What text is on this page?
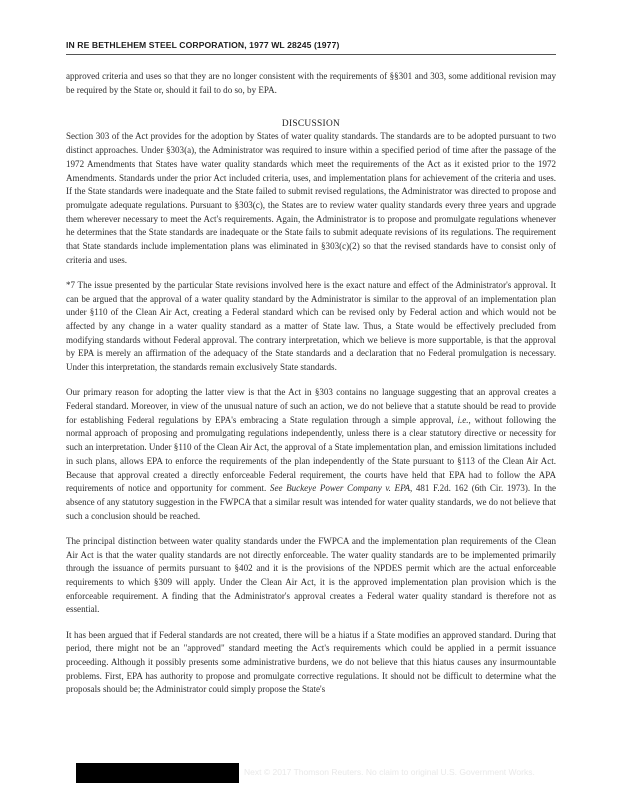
IN RE BETHLEHEM STEEL CORPORATION, 1977 WL 28245 (1977)

approved criteria and uses so that they are no longer consistent with the requirements of §§301 and 303, some additional revision may be required by the State or, should it fail to do so, by EPA.

DISCUSSION

Section 303 of the Act provides for the adoption by States of water quality standards. The standards are to be adopted pursuant to two distinct approaches. Under §303(a), the Administrator was required to insure within a specified period of time after the passage of the 1972 Amendments that States have water quality standards which meet the requirements of the Act as it existed prior to the 1972 Amendments. Standards under the prior Act included criteria, uses, and implementation plans for achievement of the criteria and uses. If the State standards were inadequate and the State failed to submit revised regulations, the Administrator was directed to propose and promulgate adequate regulations. Pursuant to §303(c), the States are to review water quality standards every three years and upgrade them wherever necessary to meet the Act's requirements. Again, the Administrator is to propose and promulgate regulations whenever he determines that the State standards are inadequate or the State fails to submit adequate revisions of its regulations. The requirement that State standards include implementation plans was eliminated in §303(c)(2) so that the revised standards have to consist only of criteria and uses.

*7 The issue presented by the particular State revisions involved here is the exact nature and effect of the Administrator's approval. It can be argued that the approval of a water quality standard by the Administrator is similar to the approval of an implementation plan under §110 of the Clean Air Act, creating a Federal standard which can be revised only by Federal action and which would not be affected by any change in a water quality standard as a matter of State law. Thus, a State would be effectively precluded from modifying standards without Federal approval. The contrary interpretation, which we believe is more supportable, is that the approval by EPA is merely an affirmation of the adequacy of the State standards and a declaration that no Federal promulgation is necessary. Under this interpretation, the standards remain exclusively State standards.

Our primary reason for adopting the latter view is that the Act in §303 contains no language suggesting that an approval creates a Federal standard. Moreover, in view of the unusual nature of such an action, we do not believe that a statute should be read to provide for establishing Federal regulations by EPA's embracing a State regulation through a simple approval, i.e., without following the normal approach of proposing and promulgating regulations independently, unless there is a clear statutory directive or necessity for such an interpretation. Under §110 of the Clean Air Act, the approval of a State implementation plan, and emission limitations included in such plans, allows EPA to enforce the requirements of the plan independently of the State pursuant to §113 of the Clean Air Act. Because that approval created a directly enforceable Federal requirement, the courts have held that EPA had to follow the APA requirements of notice and opportunity for comment. See Buckeye Power Company v. EPA, 481 F.2d. 162 (6th Cir. 1973). In the absence of any statutory suggestion in the FWPCA that a similar result was intended for water quality standards, we do not believe that such a conclusion should be reached.

The principal distinction between water quality standards under the FWPCA and the implementation plan requirements of the Clean Air Act is that the water quality standards are not directly enforceable. The water quality standards are to be implemented primarily through the issuance of permits pursuant to §402 and it is the provisions of the NPDES permit which are the actual enforceable requirements to which §309 will apply. Under the Clean Air Act, it is the approved implementation plan provision which is the enforceable requirement. A finding that the Administrator's approval creates a Federal water quality standard is therefore not as essential.

It has been argued that if Federal standards are not created, there will be a hiatus if a State modifies an approved standard. During that period, there might not be an "approved" standard meeting the Act's requirements which could be applied in a permit issuance proceeding. Although it possibly presents some administrative burdens, we do not believe that this hiatus causes any insurmountable problems. First, EPA has authority to propose and promulgate corrective regulations. It should not be difficult to determine what the proposals should be; the Administrator could simply propose the State's

Next © 2017 Thomson Reuters. No claim to original U.S. Government Works.
